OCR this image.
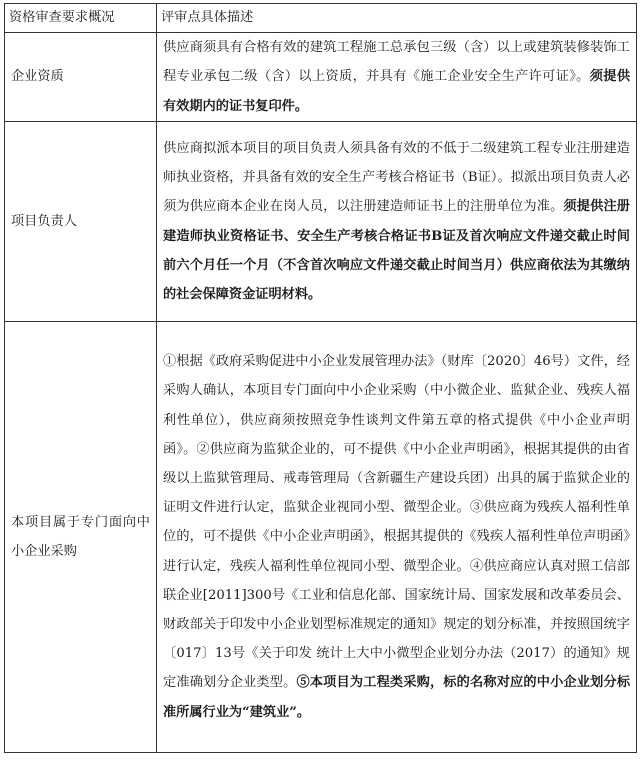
资格审查要求概况	评审点具体描述
企业资质	供应商须具有合格有效的建筑工程施工总承包三级（含）以上或建筑装修装饰工程专业承包二级（含）以上资质，并具有《施工企业安全生产许可证》。须提供有效期内的证书复印件。
项目负责人	供应商拟派本项目的项目负责人须具备有效的不低于二级建筑工程专业注册建造师执业资格，并具备有效的安全生产考核合格证书（B证）。拟派出项目负责人必须为供应商本企业在岗人员，以注册建造师证书上的注册单位为准。须提供注册建造师执业资格证书、安全生产考核合格证书B证及首次响应文件递交截止时间前六个月任一个月（不含首次响应文件递交截止时间当月）供应商依法为其缴纳的社会保障资金证明材料。
本项目属于专门面向中小企业采购	①根据《政府采购促进中小企业发展管理办法》（财库〔2020〕46号）文件，经采购人确认，本项目专门面向中小企业采购（中小微企业、监狱企业、残疾人福利性单位），供应商须按照竞争性谈判文件第五章的格式提供《中小企业声明函》。②供应商为监狱企业的，可不提供《中小企业声明函》，根据其提供的由省级以上监狱管理局、戒毒管理局（含新疆生产建设兵团）出具的属于监狱企业的证明文件进行认定，监狱企业视同小型、微型企业。③供应商为残疾人福利性单位的，可不提供《中小企业声明函》，根据其提供的《残疾人福利性单位声明函》进行认定，残疾人福利性单位视同小型、微型企业。④供应商应认真对照工信部联企业[2011]300号《工业和信息化部、国家统计局、国家发展和改革委员会、财政部关于印发中小企业划型标准规定的通知》规定的划分标准，并按照国统字〔017〕13号《关于印发 统计上大中小微型企业划分办法（2017）的通知》规定准确划分企业类型。⑤本项目为工程类采购，标的名称对应的中小企业划分标准所属行业为“建筑业”。
